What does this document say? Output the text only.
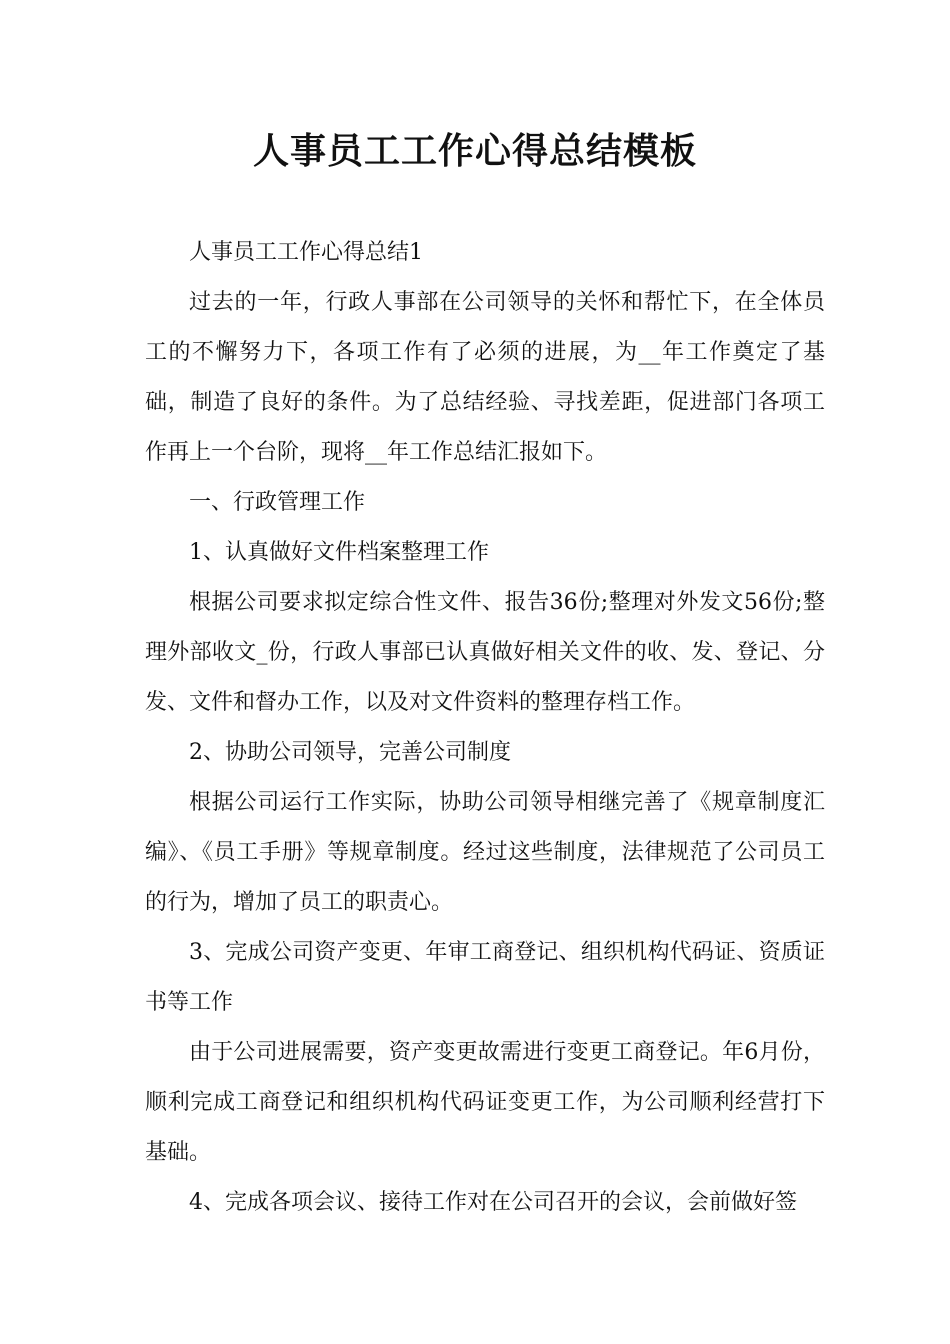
人事员工工作心得总结模板

人事员工工作心得总结1

过去的一年，行政人事部在公司领导的关怀和帮忙下，在全体员工的不懈努力下，各项工作有了必须的进展，为__年工作奠定了基础，制造了良好的条件。为了总结经验、寻找差距，促进部门各项工作再上一个台阶，现将__年工作总结汇报如下。

一、行政管理工作

1、认真做好文件档案整理工作

根据公司要求拟定综合性文件、报告36份;整理对外发文56份;整理外部收文_份，行政人事部已认真做好相关文件的收、发、登记、分发、文件和督办工作，以及对文件资料的整理存档工作。

2、协助公司领导，完善公司制度

根据公司运行工作实际，协助公司领导相继完善了《规章制度汇编》、《员工手册》等规章制度。经过这些制度，法律规范了公司员工的行为，增加了员工的职责心。

3、完成公司资产变更、年审工商登记、组织机构代码证、资质证书等工作

由于公司进展需要，资产变更故需进行变更工商登记。年6月份，顺利完成工商登记和组织机构代码证变更工作，为公司顺利经营打下基础。

4、完成各项会议、接待工作对在公司召开的会议，会前做好签
